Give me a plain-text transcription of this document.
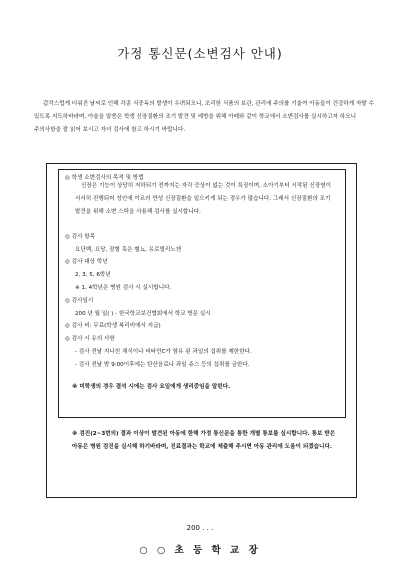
가정 통신문(소변검사 안내)
갑작스럽게 더워진 날씨로 인해 각종 식중독의 발생이 우려되오니, 조리한 식품의 보관, 관리에 주의를 기울여 아동들이 건강하게 자랄 수 있도록 지도하바라며, 아울을 말씀은 학생 신장질환의 조기 발견 및 예방을 위해 아래와 같이 학교에서 소변검사를 실시하고자 하오니 주의사항을 잘 읽어 보시고 자녀 검사에 참고 하시기 바랍니다.
◎ 학생 소변검사의 목적 및 방법
신장은 기능이 상당히 저하되기 전까지는 자각 증상이 없는 것이 특징이며, 소아기부터 시작된 신장염이 서서히 진행되어 성인에 이르러 만성 신장질환을 일으키게 되는 경우가 많습니다. 그래서 신장질환의 조기 발견을 위해 소변 스틱을 사용해 검사를 실시합니다.
◎ 검사 항목
요단백, 요당, 잠혈 혹은 혈뇨, 유로빌리노겐
◎ 검사 대상 학년
2, 3, 5, 6학년
※ 1, 4학년은 병원 검사 시 실시합니다.
◎ 검사일시
200 년 월 일( ) - 한국학교보건협회에서 학교 방문 실시
◎ 검사 비: 무료(학생 복리비에서 지급)
◎ 검사 시 유의 사항
- 검사 전날 지나친 채식이나 비타민C가 함유 된 과일의 섭취를 제한한다.
- 검사 전날 밤 9:00이후에는 탄산음료나 과일 쥬스 등의 섭취를 금한다.
※ 미학생의 경우 결석 시에는 검사 요일에게 생리중임을 알린다.
※ 검진(2~3번의) 결과 이상이 발견된 아동에 한해 가정 통신문을 통한 개별 통보를 실시합니다. 통보 받은 아동은 병원 검진을 실시해 하기바라며, 진료결과는 학교에 제출해 주시면 아동 관리에 도움이 되겠습니다.
200 . . .
○ ○ 초 등 학 교 장
